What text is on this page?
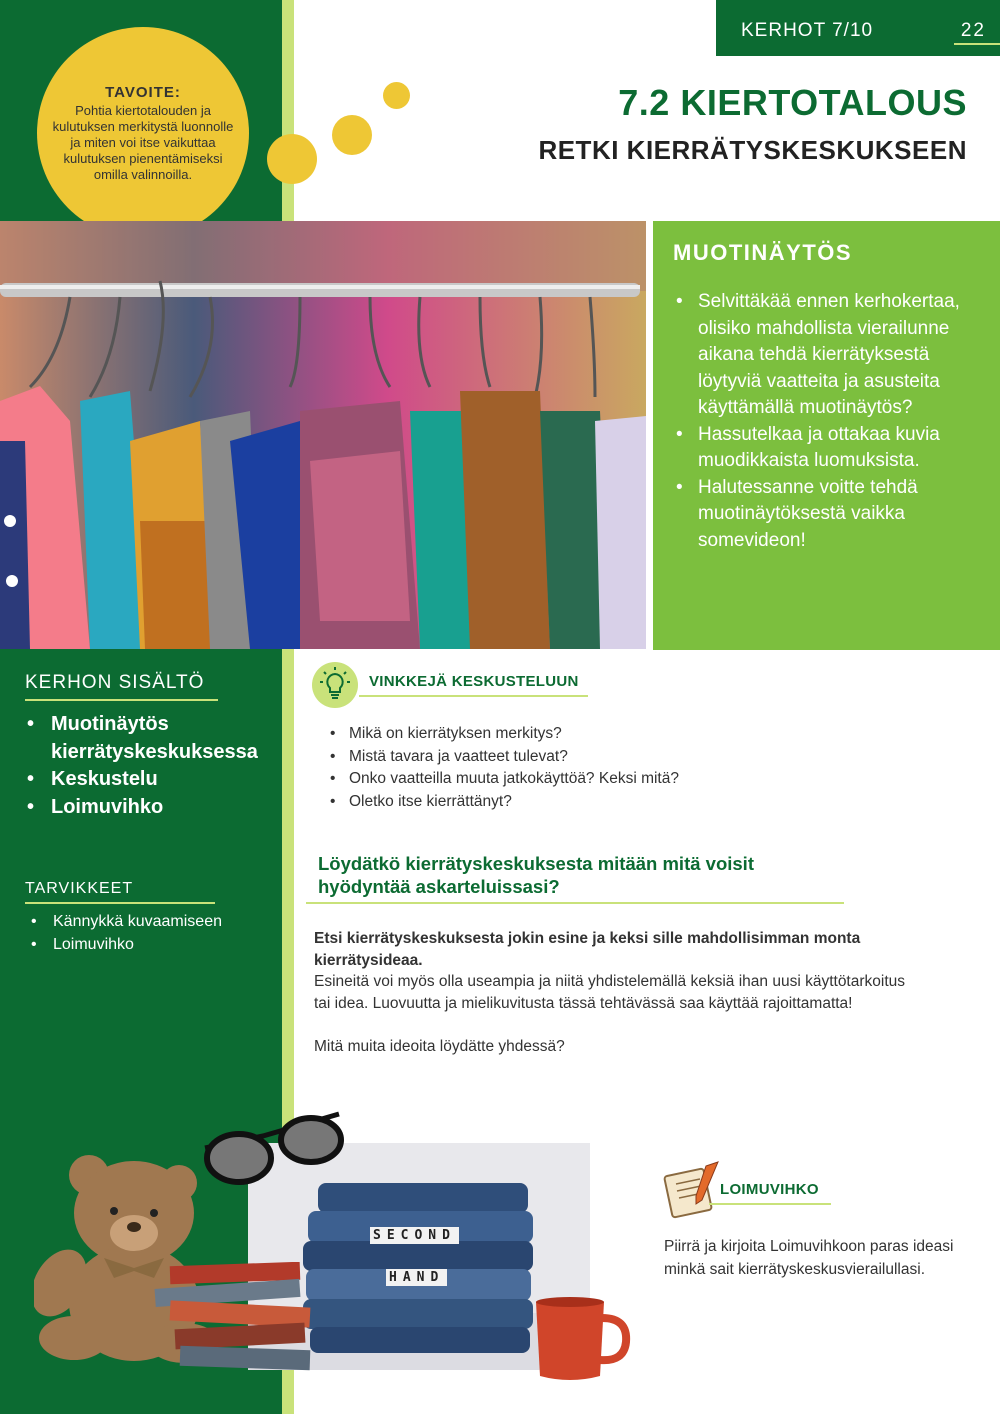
TAVOITE:
Pohtia kiertotalouden ja kulutuksen merkitystä luonnolle ja miten voi itse vaikuttaa kulutuksen pienentämiseksi omilla valinnoilla.
KERHOT 7/10	22
7.2 KIERTOTALOUS
RETKI KIERRÄTYSKESKUKSEEN
MUOTINÄYTÖS
• Selvittäkää ennen kerhokertaa, olisiko mahdollista vierailunne aikana tehdä kierrätyksestä löytyviä vaatteita ja asusteita käyttämällä muotinäytös?
• Hassutelkaa ja ottakaa kuvia muodikkaista luomuksista.
• Halutessanne voitte tehdä muotinäytöksestä vaikka somevideon!
KERHON SISÄLTÖ
• Muotinäytös kierrätyskeskuksessa
• Keskustelu
• Loimuvihko
TARVIKKEET
• Kännykkä kuvaamiseen
• Loimuvihko
VINKKEJÄ KESKUSTELUUN
• Mikä on kierrätyksen merkitys?
• Mistä tavara ja vaatteet tulevat?
• Onko vaatteilla muuta jatkokäyttöä? Keksi mitä?
• Oletko itse kierrättänyt?
Löydätkö kierrätyskeskuksesta mitään mitä voisit hyödyntää askarteluissasi?

Etsi kierrätyskeskuksesta jokin esine ja keksi sille mahdollisimman monta kierrätysideaa.

Esineitä voi myös olla useampia ja niitä yhdistelemällä keksiä ihan uusi käyttötarkoitus tai idea. Luovuutta ja mielikuvitusta tässä tehtävässä saa käyttää rajoittamatta!

Mitä muita ideoita löydätte yhdessä?

SECOND
HAND
LOIMUVIHKO
Piirrä ja kirjoita Loimuvihkoon paras ideasi minkä sait kierrätyskeskusvierailullasi.
